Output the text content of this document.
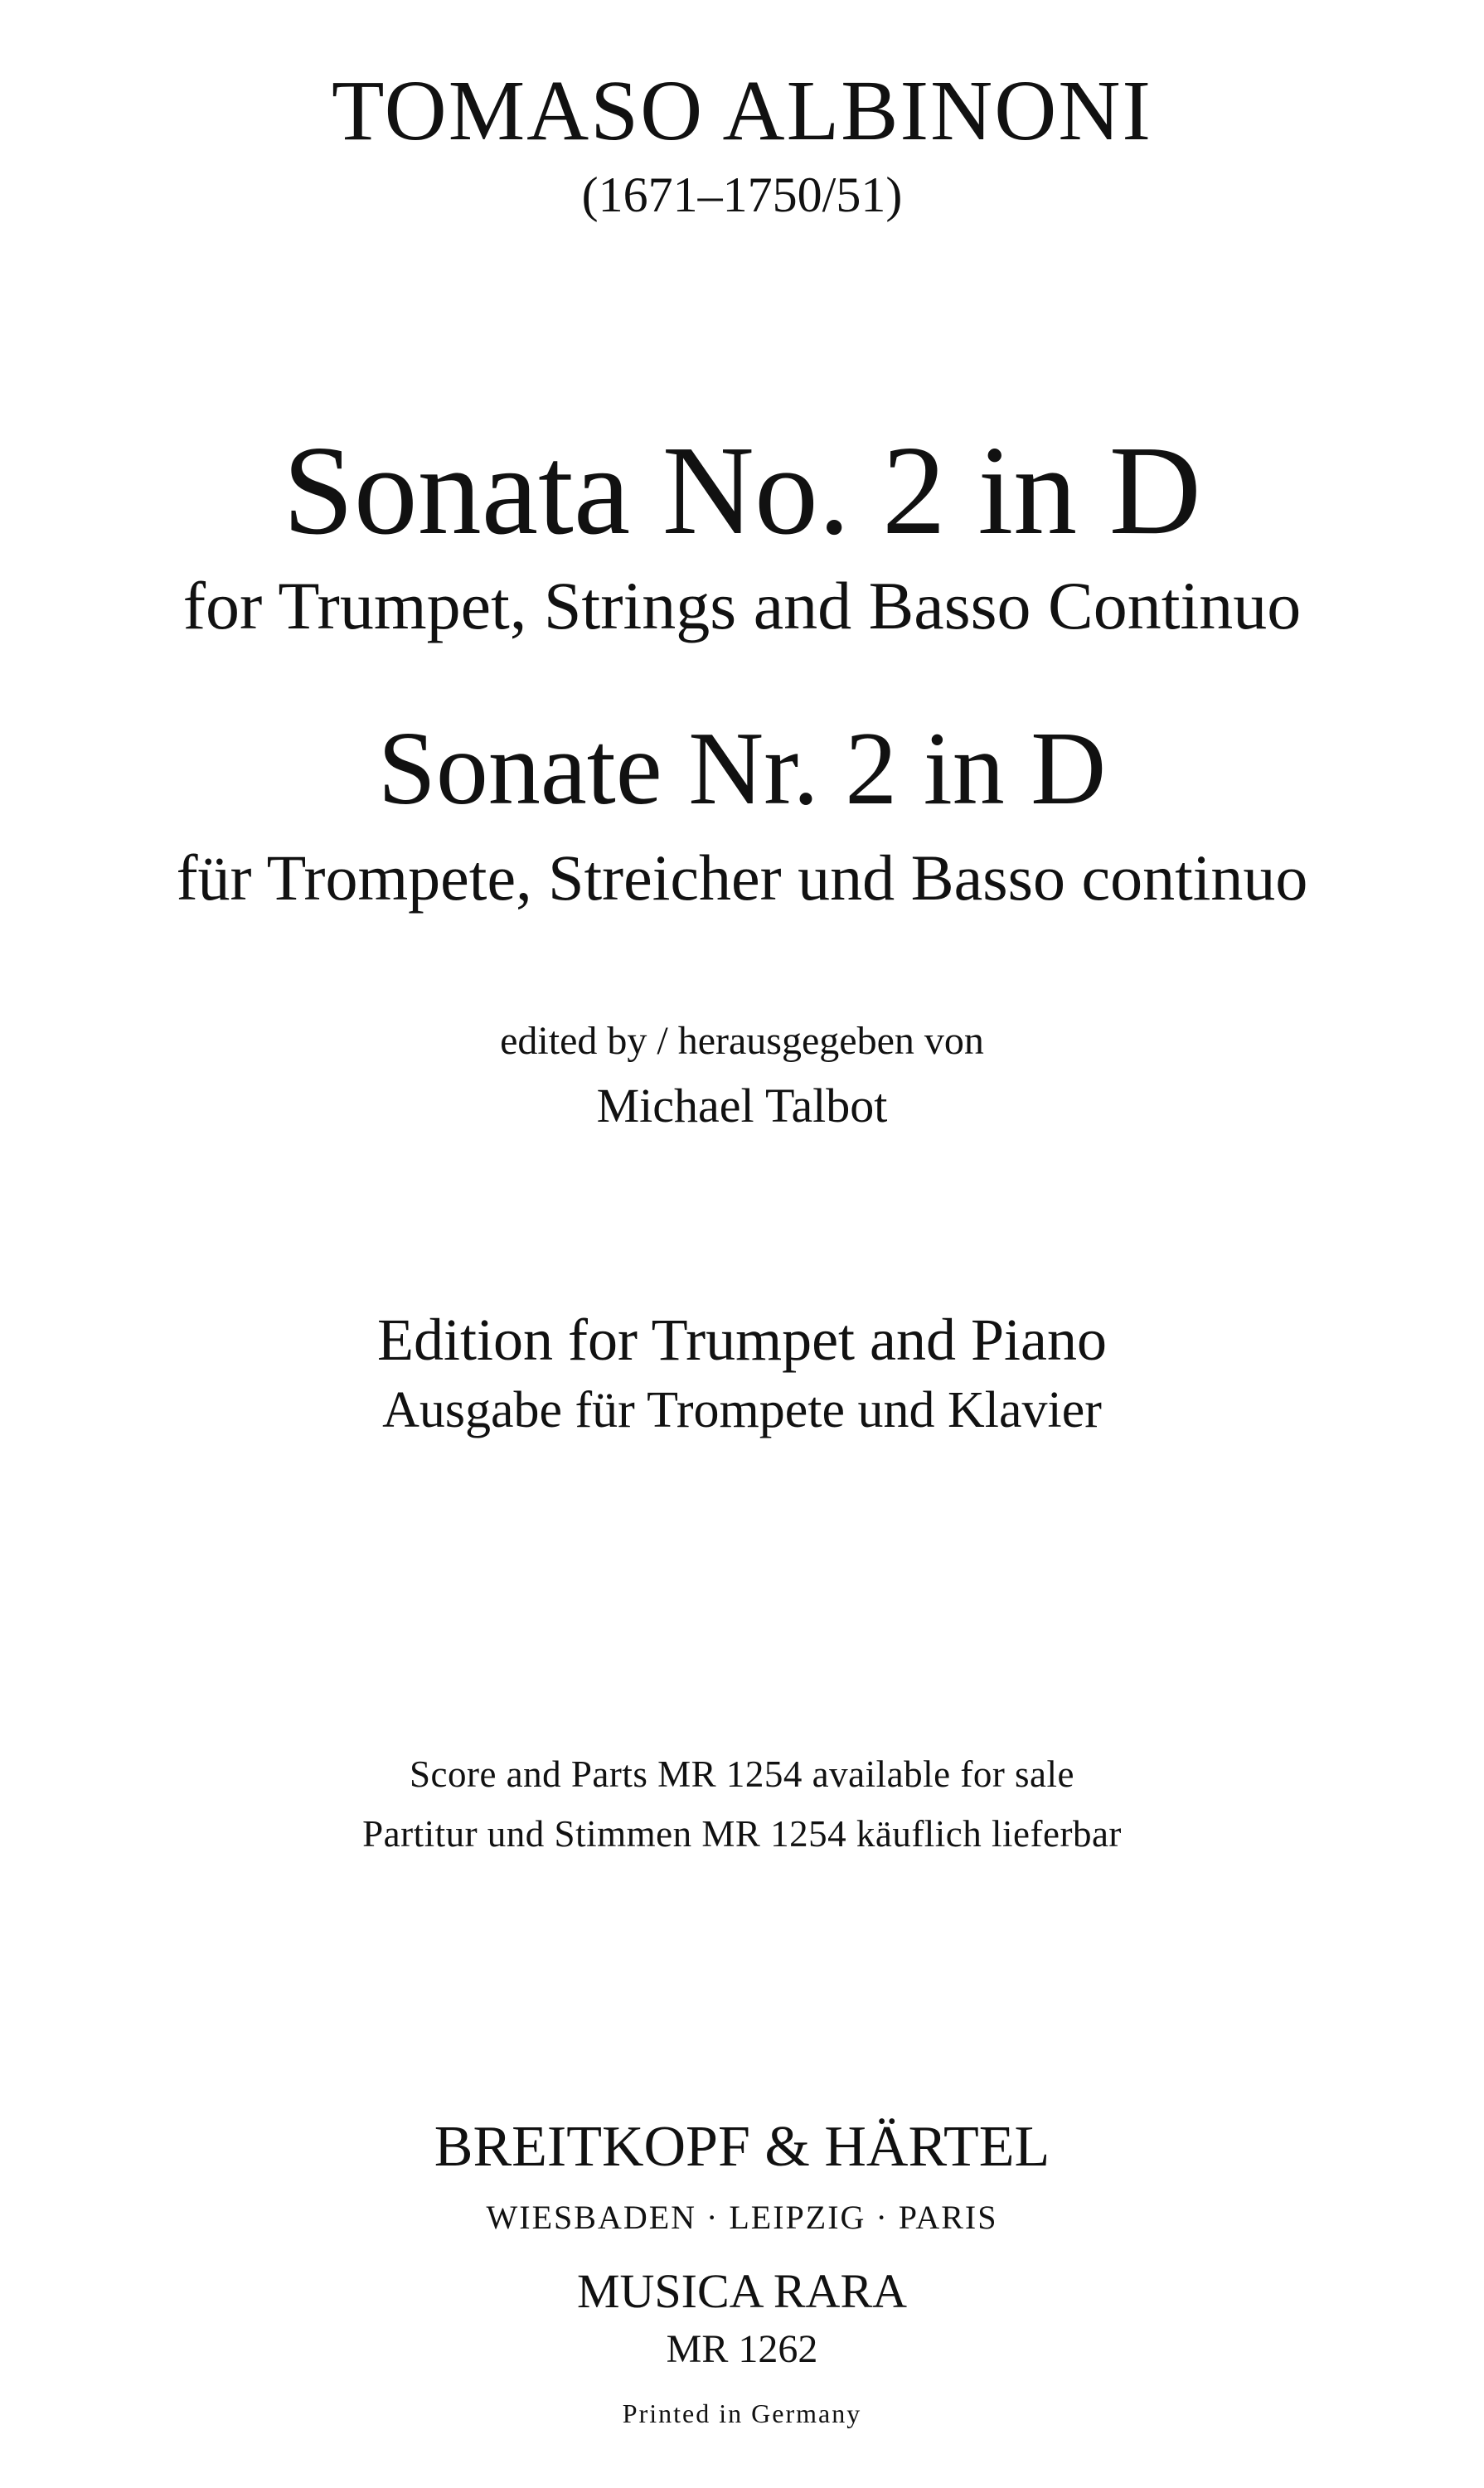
TOMASO ALBINONI
(1671–1750/51)
Sonata No. 2 in D
for Trumpet, Strings and Basso Continuo
Sonate Nr. 2 in D
für Trompete, Streicher und Basso continuo
edited by / herausgegeben von
Michael Talbot
Edition for Trumpet and Piano
Ausgabe für Trompete und Klavier
Score and Parts MR 1254 available for sale
Partitur und Stimmen MR 1254 käuflich lieferbar
BREITKOPF & HÄRTEL
WIESBADEN · LEIPZIG · PARIS
MUSICA RARA
MR 1262
Printed in Germany
